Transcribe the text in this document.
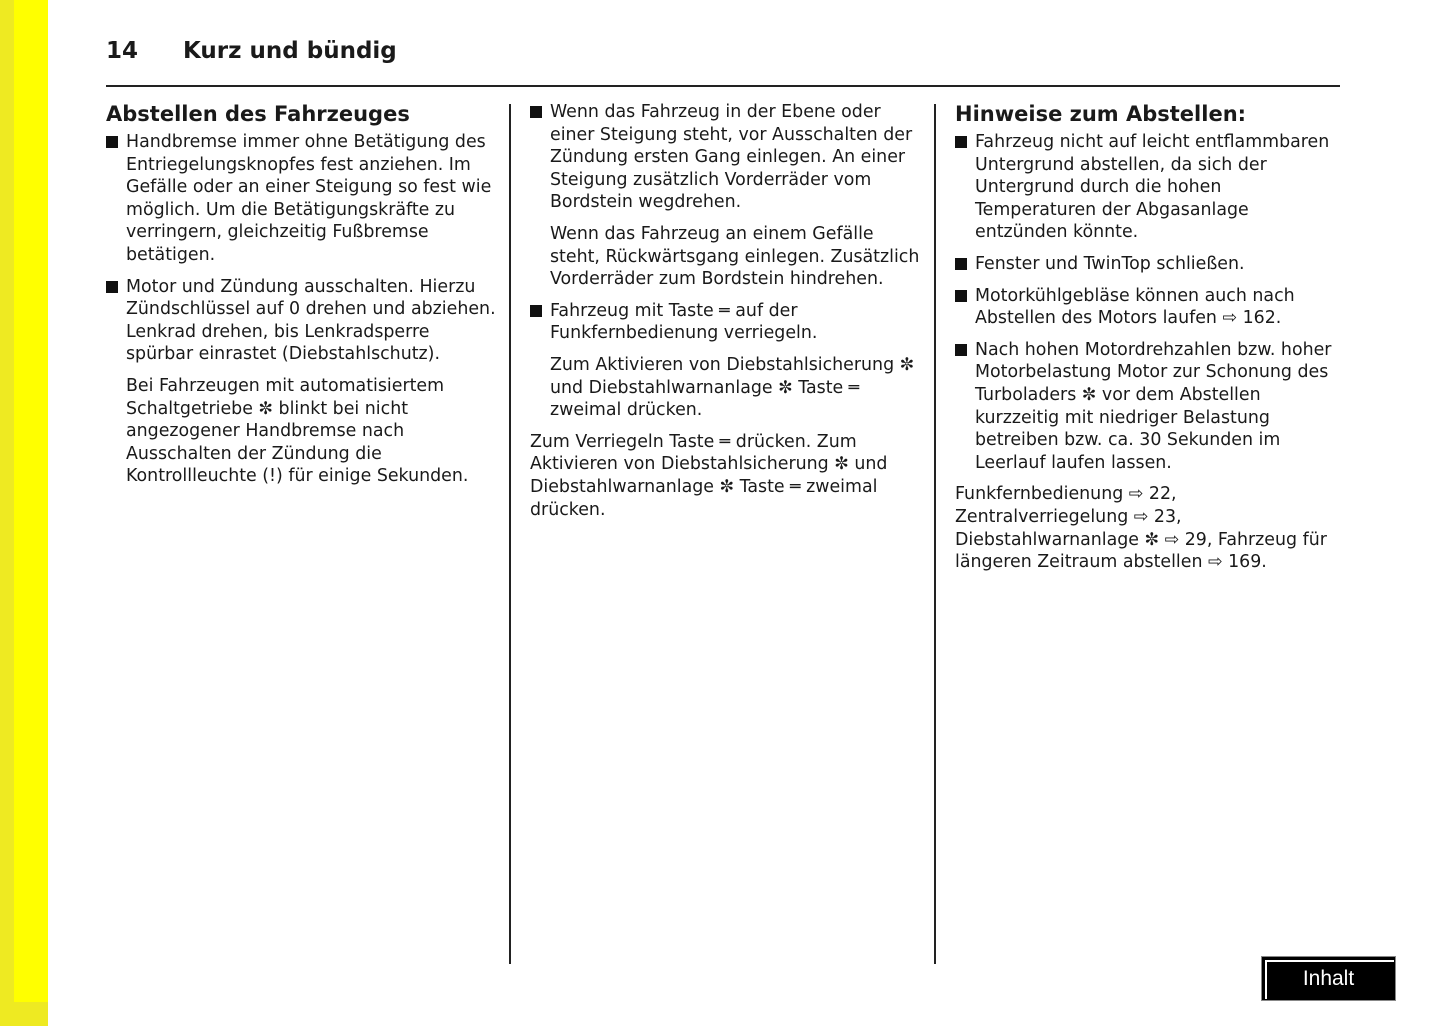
14 Kurz und bündig
Abstellen des Fahrzeuges
Handbremse immer ohne Betätigung des Entriegelungsknopfes fest anziehen. Im Gefälle oder an einer Steigung so fest wie möglich. Um die Betätigungskräfte zu verringern, gleichzeitig Fußbremse betätigen.
Motor und Zündung ausschalten. Hierzu Zündschlüssel auf 0 drehen und abziehen. Lenkrad drehen, bis Lenkradsperre spürbar einrastet (Diebstahlschutz).
Bei Fahrzeugen mit automatisiertem Schaltgetriebe ✼ blinkt bei nicht angezogener Handbremse nach Ausschalten der Zündung die Kontrollleuchte (!) für einige Sekunden.
Wenn das Fahrzeug in der Ebene oder einer Steigung steht, vor Ausschalten der Zündung ersten Gang einlegen. An einer Steigung zusätzlich Vorderräder vom Bordstein wegdrehen.
Wenn das Fahrzeug an einem Gefälle steht, Rückwärtsgang einlegen. Zusätzlich Vorderräder zum Bordstein hindrehen.
Fahrzeug mit Taste ═ auf der Funkfernbedienung verriegeln.
Zum Aktivieren von Diebstahlsicherung ✼ und Diebstahlwarnanlage ✼ Taste ═ zweimal drücken.
Zum Verriegeln Taste ═ drücken. Zum Aktivieren von Diebstahlsicherung ✼ und Diebstahlwarnanlage ✼ Taste ═ zweimal drücken.
Hinweise zum Abstellen:
Fahrzeug nicht auf leicht entflammbaren Untergrund abstellen, da sich der Untergrund durch die hohen Temperaturen der Abgasanlage entzünden könnte.
Fenster und TwinTop schließen.
Motorkühlgebläse können auch nach Abstellen des Motors laufen ⇨ 162.
Nach hohen Motordrehzahlen bzw. hoher Motorbelastung Motor zur Schonung des Turboladers ✼ vor dem Abstellen kurzzeitig mit niedriger Belastung betreiben bzw. ca. 30 Sekunden im Leerlauf laufen lassen.
Funkfernbedienung ⇨ 22, Zentralverriegelung ⇨ 23, Diebstahlwarnanlage ✼ ⇨ 29, Fahrzeug für längeren Zeitraum abstellen ⇨ 169.
Inhalt
